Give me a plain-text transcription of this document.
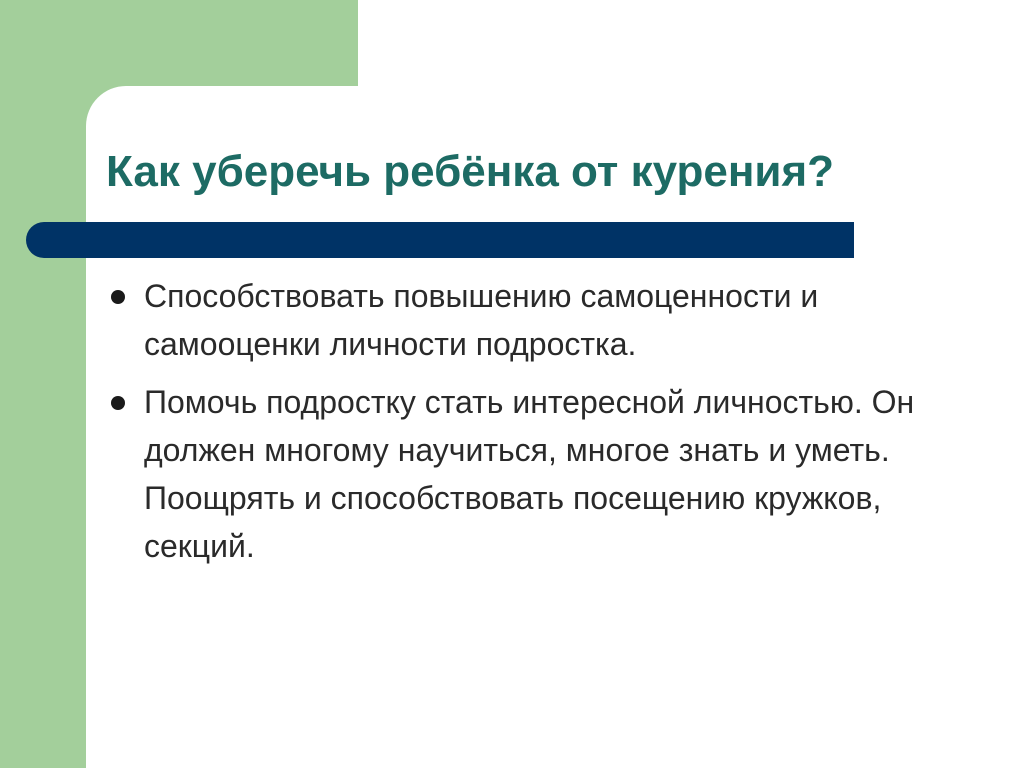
Как уберечь ребёнка от курения?
Способствовать повышению самоценности и самооценки личности подростка.
Помочь подростку стать интересной личностью. Он должен многому научиться, многое знать и уметь. Поощрять и способствовать посещению кружков, секций.
